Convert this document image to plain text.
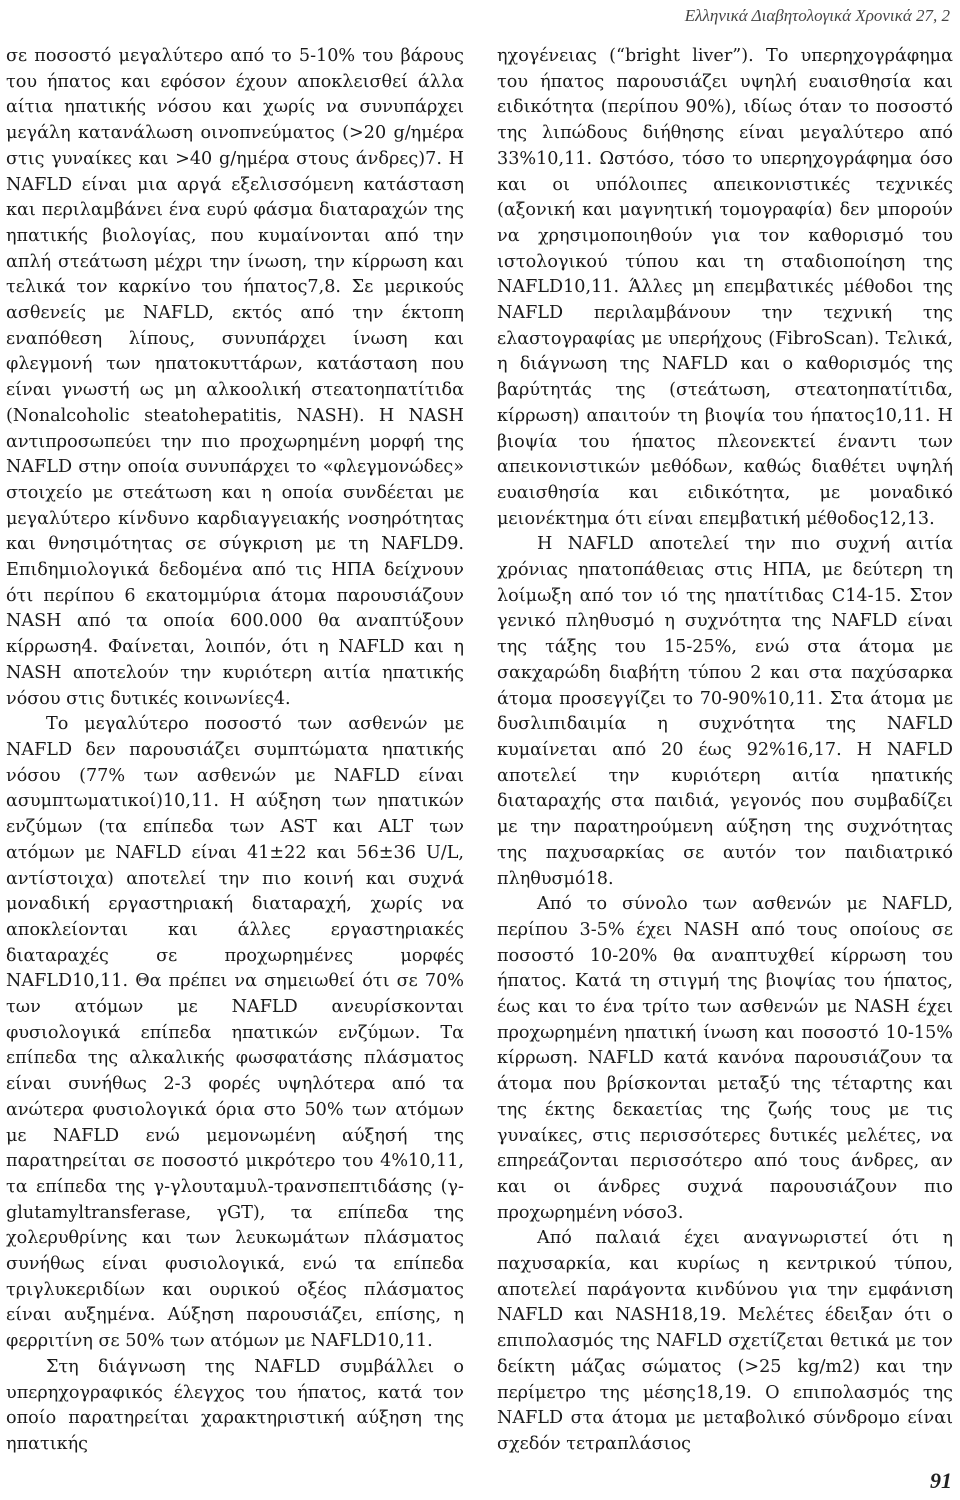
Ελληνικά Διαβητολογικά Χρονικά 27, 2

σε ποσοστό μεγαλύτερο από το 5-10% του βάρους του ήπατος και εφόσον έχουν αποκλεισθεί άλλα αίτια ηπατικής νόσου και χωρίς να συνυπάρχει μεγάλη κατανάλωση οινοπνεύματος (>20 g/ημέρα στις γυναίκες και >40 g/ημέρα στους άνδρες)7. Η NAFLD είναι μια αργά εξελισσόμενη κατάσταση και περιλαμβάνει ένα ευρύ φάσμα διαταραχών της ηπατικής βιολογίας, που κυμαίνονται από την απλή στεάτωση μέχρι την ίνωση, την κίρρωση και τελικά τον καρκίνο του ήπατος7,8. Σε μερικούς ασθενείς με NAFLD, εκτός από την έκτοπη εναπόθεση λίπους, συνυπάρχει ίνωση και φλεγμονή των ηπατοκυττάρων, κατάσταση που είναι γνωστή ως μη αλκοολική στεατοηπατίτιδα (Nonalcoholic steatohepatitis, NASH). Η NASH αντιπροσωπεύει την πιο προχωρημένη μορφή της NAFLD στην οποία συνυπάρχει το «φλεγμονώδες» στοιχείο με στεάτωση και η οποία συνδέεται με μεγαλύτερο κίνδυνο καρδιαγγειακής νοσηρότητας και θνησιμότητας σε σύγκριση με τη NAFLD9. Επιδημιολογικά δεδομένα από τις ΗΠΑ δείχνουν ότι περίπου 6 εκατομμύρια άτομα παρουσιάζουν NASH από τα οποία 600.000 θα αναπτύξουν κίρρωση4. Φαίνεται, λοιπόν, ότι η NAFLD και η NASH αποτελούν την κυριότερη αιτία ηπατικής νόσου στις δυτικές κοινωνίες4.

Το μεγαλύτερο ποσοστό των ασθενών με NAFLD δεν παρουσιάζει συμπτώματα ηπατικής νόσου (77% των ασθενών με NAFLD είναι ασυμπτωματικοί)10,11. Η αύξηση των ηπατικών ενζύμων (τα επίπεδα των AST και ALT των ατόμων με NAFLD είναι 41±22 και 56±36 U/L, αντίστοιχα) αποτελεί την πιο κοινή και συχνά μοναδική εργαστηριακή διαταραχή, χωρίς να αποκλείονται και άλλες εργαστηριακές διαταραχές σε προχωρημένες μορφές NAFLD10,11. Θα πρέπει να σημειωθεί ότι σε 70% των ατόμων με NAFLD ανευρίσκονται φυσιολογικά επίπεδα ηπατικών ενζύμων. Τα επίπεδα της αλκαλικής φωσφατάσης πλάσματος είναι συνήθως 2-3 φορές υψηλότερα από τα ανώτερα φυσιολογικά όρια στο 50% των ατόμων με NAFLD ενώ μεμονωμένη αύξησή της παρατηρείται σε ποσοστό μικρότερο του 4%10,11, τα επίπεδα της γ-γλουταμυλ-τρανσπεπτιδάσης (γ-glutamyltransferase, γGT), τα επίπεδα της χολερυθρίνης και των λευκωμάτων πλάσματος συνήθως είναι φυσιολογικά, ενώ τα επίπεδα τριγλυκεριδίων και ουρικού οξέος πλάσματος είναι αυξημένα. Αύξηση παρουσιάζει, επίσης, η φερριτίνη σε 50% των ατόμων με NAFLD10,11.

Στη διάγνωση της NAFLD συμβάλλει ο υπερηχογραφικός έλεγχος του ήπατος, κατά τον οποίο παρατηρείται χαρακτηριστική αύξηση της ηπατικής

ηχογένειας (“bright liver”). Το υπερηχογράφημα του ήπατος παρουσιάζει υψηλή ευαισθησία και ειδικότητα (περίπου 90%), ιδίως όταν το ποσοστό της λιπώδους διήθησης είναι μεγαλύτερο από 33%10,11. Ωστόσο, τόσο το υπερηχογράφημα όσο και οι υπόλοιπες απεικονιστικές τεχνικές (αξονική και μαγνητική τομογραφία) δεν μπορούν να χρησιμοποιηθούν για τον καθορισμό του ιστολογικού τύπου και τη σταδιοποίηση της NAFLD10,11. Άλλες μη επεμβατικές μέθοδοι της NAFLD περιλαμβάνουν την τεχνική της ελαστογραφίας με υπερήχους (FibroScan). Τελικά, η διάγνωση της NAFLD και ο καθορισμός της βαρύτητάς της (στεάτωση, στεατοηπατίτιδα, κίρρωση) απαιτούν τη βιοψία του ήπατος10,11. Η βιοψία του ήπατος πλεονεκτεί έναντι των απεικονιστικών μεθόδων, καθώς διαθέτει υψηλή ευαισθησία και ειδικότητα, με μοναδικό μειονέκτημα ότι είναι επεμβατική μέθοδος12,13.

Η NAFLD αποτελεί την πιο συχνή αιτία χρόνιας ηπατοπάθειας στις ΗΠΑ, με δεύτερη τη λοίμωξη από τον ιό της ηπατίτιδας C14-15. Στον γενικό πληθυσμό η συχνότητα της NAFLD είναι της τάξης του 15-25%, ενώ στα άτομα με σακχαρώδη διαβήτη τύπου 2 και στα παχύσαρκα άτομα προσεγγίζει το 70-90%10,11. Στα άτομα με δυσλιπιδαιμία η συχνότητα της NAFLD κυμαίνεται από 20 έως 92%16,17. Η NAFLD αποτελεί την κυριότερη αιτία ηπατικής διαταραχής στα παιδιά, γεγονός που συμβαδίζει με την παρατηρούμενη αύξηση της συχνότητας της παχυσαρκίας σε αυτόν τον παιδιατρικό πληθυσμό18.

Από το σύνολο των ασθενών με NAFLD, περίπου 3-5% έχει NASH από τους οποίους σε ποσοστό 10-20% θα αναπτυχθεί κίρρωση του ήπατος. Κατά τη στιγμή της βιοψίας του ήπατος, έως και το ένα τρίτο των ασθενών με NASH έχει προχωρημένη ηπατική ίνωση και ποσοστό 10-15% κίρρωση. NAFLD κατά κανόνα παρουσιάζουν τα άτομα που βρίσκονται μεταξύ της τέταρτης και της έκτης δεκαετίας της ζωής τους με τις γυναίκες, στις περισσότερες δυτικές μελέτες, να επηρεάζονται περισσότερο από τους άνδρες, αν και οι άνδρες συχνά παρουσιάζουν πιο προχωρημένη νόσο3.

Από παλαιά έχει αναγνωριστεί ότι η παχυσαρκία, και κυρίως η κεντρικού τύπου, αποτελεί παράγοντα κινδύνου για την εμφάνιση NAFLD και NASH18,19. Μελέτες έδειξαν ότι ο επιπολασμός της NAFLD σχετίζεται θετικά με τον δείκτη μάζας σώματος (>25 kg/m2) και την περίμετρο της μέσης18,19. Ο επιπολασμός της NAFLD στα άτομα με μεταβολικό σύνδρομο είναι σχεδόν τετραπλάσιος

91
